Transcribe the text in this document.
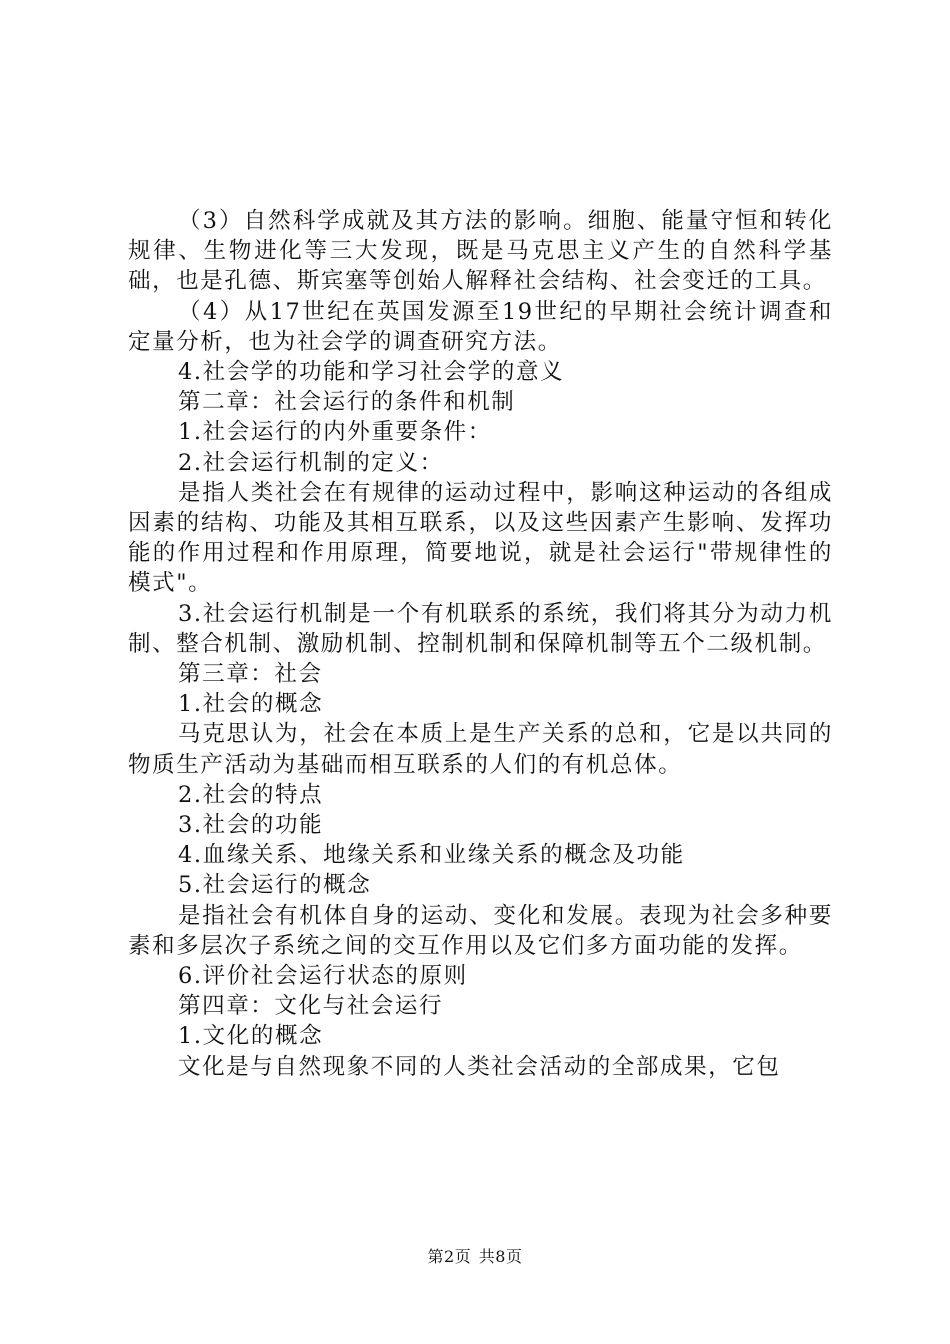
（3）自然科学成就及其方法的影响。细胞、能量守恒和转化规律、生物进化等三大发现，既是马克思主义产生的自然科学基础，也是孔德、斯宾塞等创始人解释社会结构、社会变迁的工具。

（4）从17世纪在英国发源至19世纪的早期社会统计调查和定量分析，也为社会学的调查研究方法。

4.社会学的功能和学习社会学的意义

第二章：社会运行的条件和机制

1.社会运行的内外重要条件：

2.社会运行机制的定义：

是指人类社会在有规律的运动过程中，影响这种运动的各组成因素的结构、功能及其相互联系，以及这些因素产生影响、发挥功能的作用过程和作用原理，简要地说，就是社会运行"带规律性的模式"。

3.社会运行机制是一个有机联系的系统，我们将其分为动力机制、整合机制、激励机制、控制机制和保障机制等五个二级机制。

第三章：社会

1.社会的概念

马克思认为，社会在本质上是生产关系的总和，它是以共同的物质生产活动为基础而相互联系的人们的有机总体。

2.社会的特点

3.社会的功能

4.血缘关系、地缘关系和业缘关系的概念及功能

5.社会运行的概念

是指社会有机体自身的运动、变化和发展。表现为社会多种要素和多层次子系统之间的交互作用以及它们多方面功能的发挥。

6.评价社会运行状态的原则

第四章：文化与社会运行

1.文化的概念

文化是与自然现象不同的人类社会活动的全部成果，它包

第2页 共8页
